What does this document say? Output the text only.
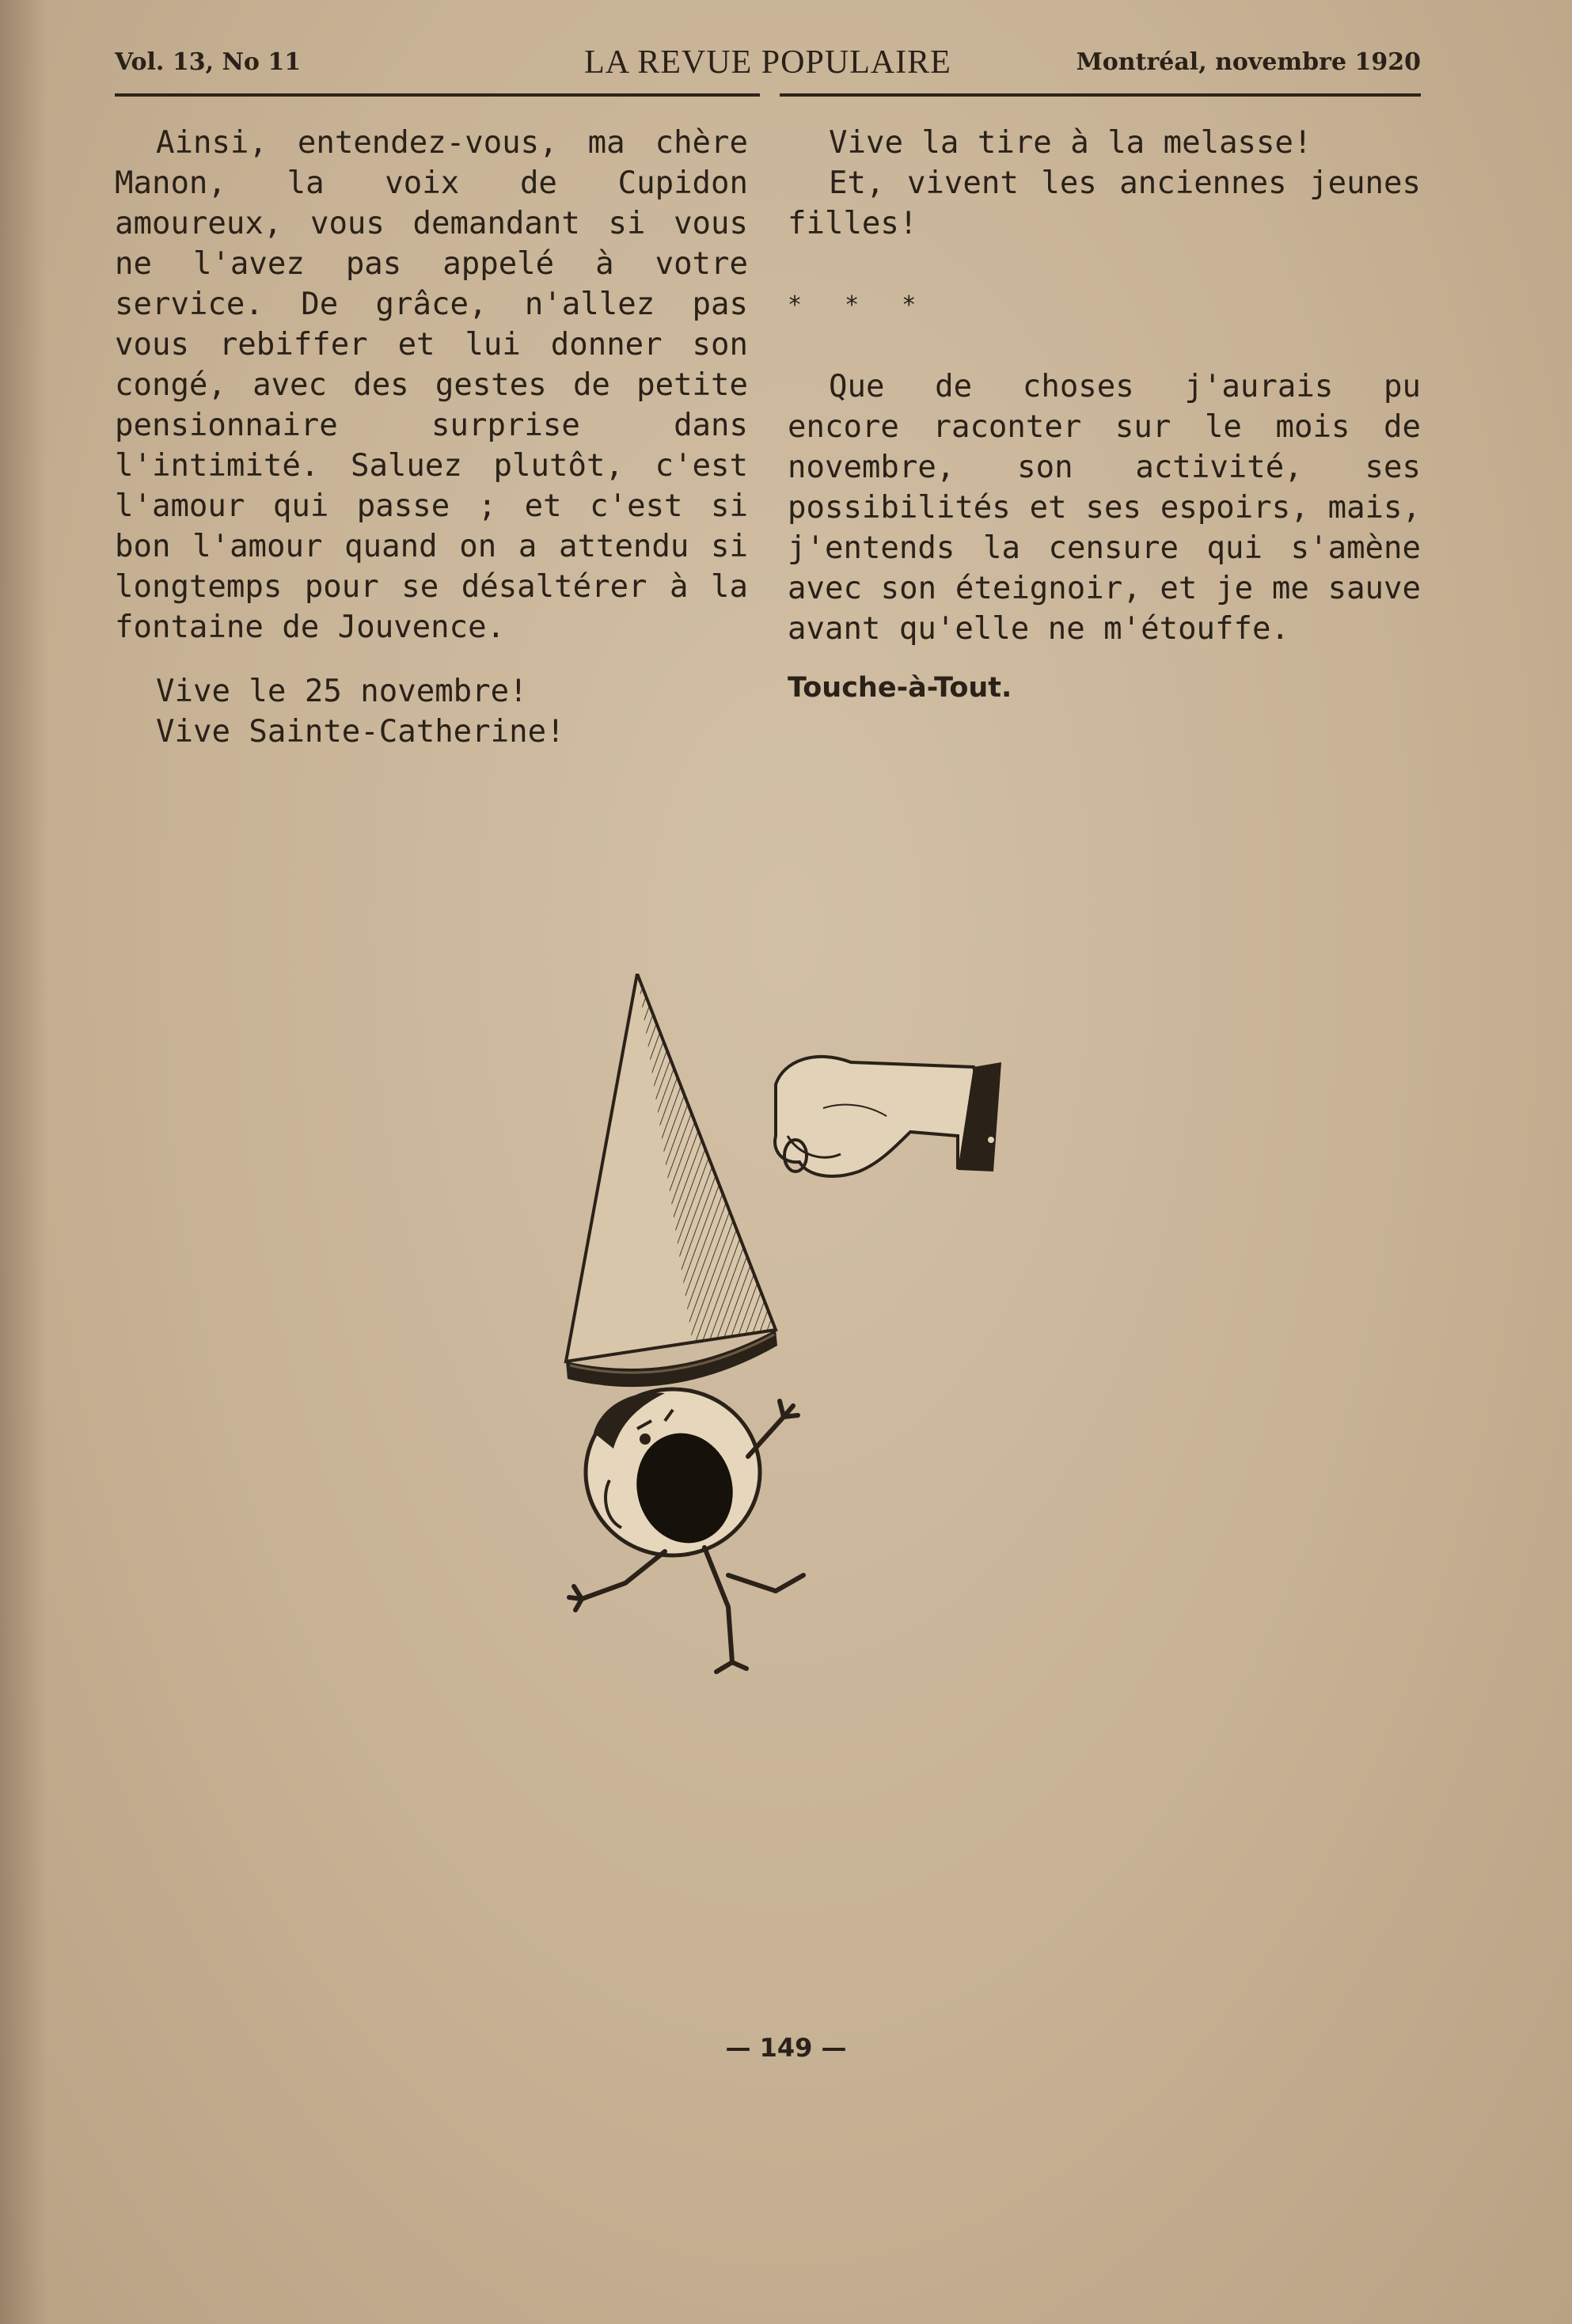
Vol. 13, No 11	LA REVUE POPULAIRE	Montréal, novembre 1920

Ainsi, entendez-vous, ma chère Manon, la voix de Cupidon amoureux, vous demandant si vous ne l'avez pas appelé à votre service. De grâce, n'allez pas vous rebiffer et lui donner son congé, avec des gestes de petite pensionnaire surprise dans l'intimité. Saluez plutôt, c'est l'amour qui passe ; et c'est si bon l'amour quand on a attendu si longtemps pour se désaltérer à la fontaine de Jouvence.

Vive le 25 novembre!

Vive Sainte-Catherine!

Vive la tire à la melasse!

Et, vivent les anciennes jeunes filles!

* * *

Que de choses j'aurais pu encore raconter sur le mois de novembre, son activité, ses possibilités et ses espoirs, mais, j'entends la censure qui s'amène avec son éteignoir, et je me sauve avant qu'elle ne m'étouffe.

Touche-à-Tout.

— 149 —
